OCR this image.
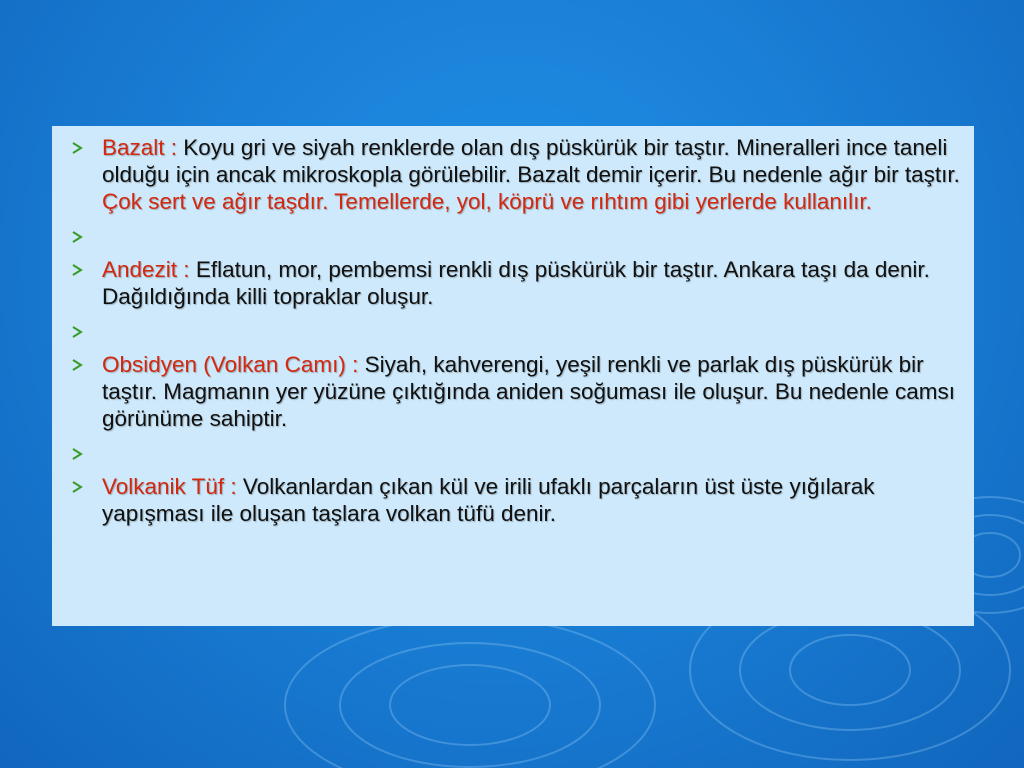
Bazalt : Koyu gri ve siyah renklerde olan dış püskürük bir taştır. Mineralleri ince taneli olduğu için ancak mikroskopla görülebilir. Bazalt demir içerir. Bu nedenle ağır bir taştır. Çok sert ve ağır taşdır. Temellerde, yol, köprü ve rıhtım gibi yerlerde kullanılır.
Andezit : Eflatun, mor, pembemsi renkli dış püskürük bir taştır. Ankara taşı da denir. Dağıldığında killi topraklar oluşur.
Obsidyen (Volkan Camı) : Siyah, kahverengi, yeşil renkli ve parlak dış püskürük bir taştır. Magmanın yer yüzüne çıktığında aniden soğuması ile oluşur. Bu nedenle camsı   görünüme sahiptir.
Volkanik Tüf : Volkanlardan çıkan kül ve irili ufaklı parçaların üst üste yığılarak yapışması ile oluşan taşlara volkan tüfü denir.
